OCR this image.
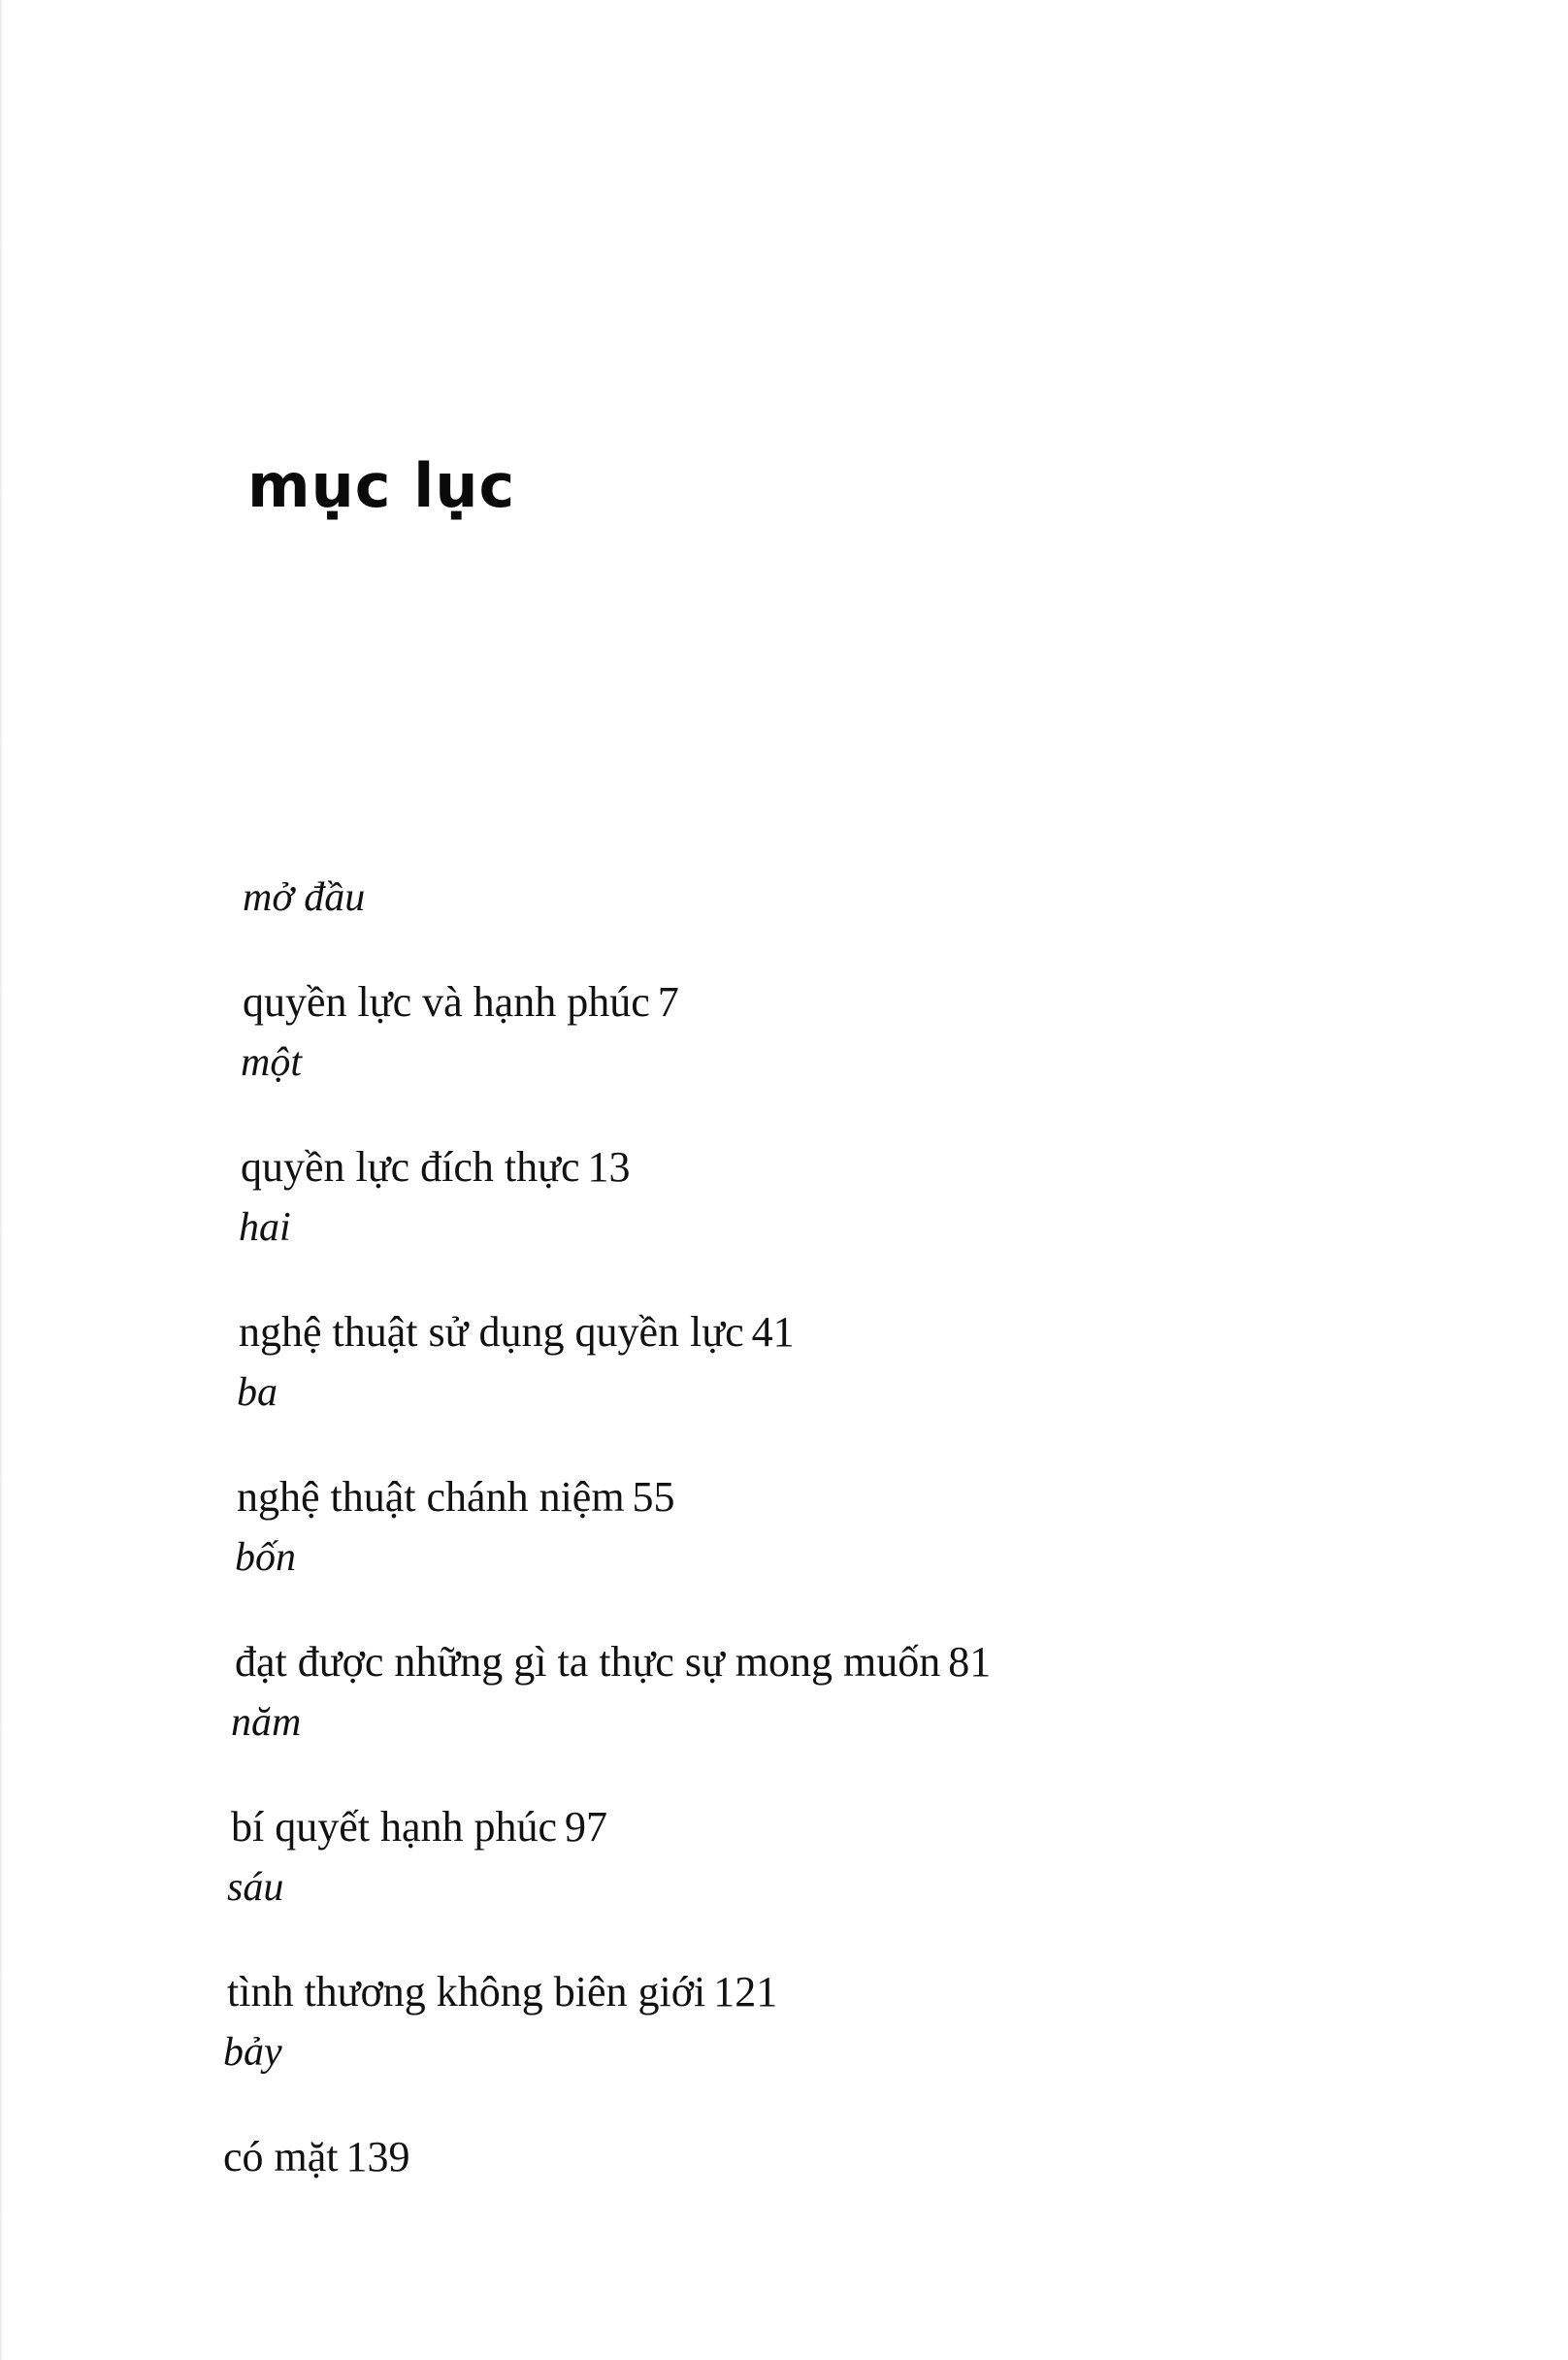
mục lục
mở đầu
quyền lực và hạnh phúc 7
một
quyền lực đích thực 13
hai
nghệ thuật sử dụng quyền lực 41
ba
nghệ thuật chánh niệm 55
bốn
đạt được những gì ta thực sự mong muốn 81
năm
bí quyết hạnh phúc 97
sáu
tình thương không biên giới 121
bảy
có mặt 139
